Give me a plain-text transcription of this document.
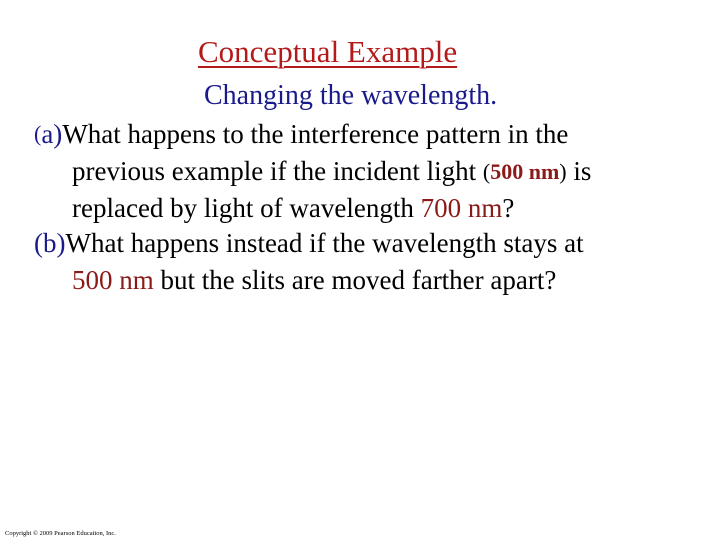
Conceptual Example
Changing the wavelength.
(a)What happens to the interference pattern in the
previous example if the incident light (500 nm) is
replaced by light of wavelength 700 nm?
(b)What happens instead if the wavelength stays at
500 nm but the slits are moved farther apart?
Copyright © 2009 Pearson Education, Inc.
